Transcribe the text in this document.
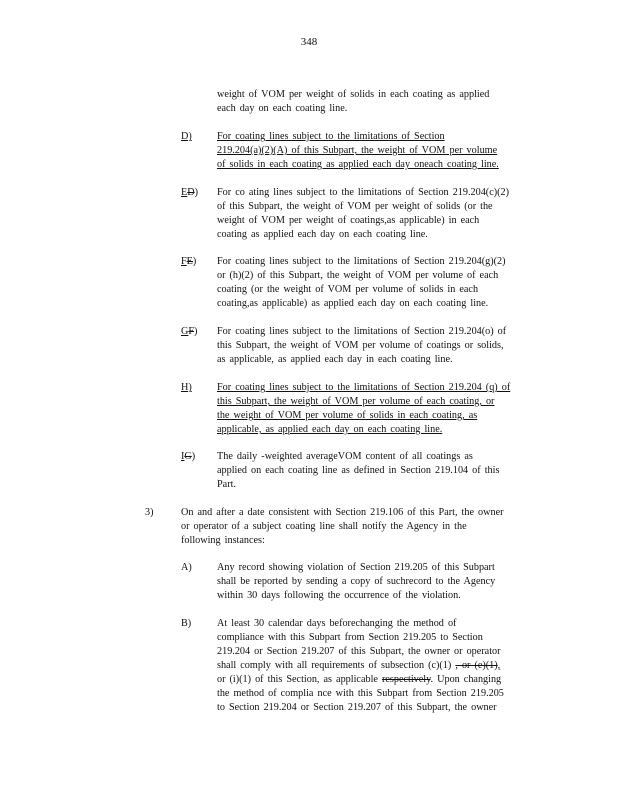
348
weight of VOM per weight of solids in each coating as applied
each day on each coating line.
D) For coating lines subject to the limitations of Section
219.204(a)(2)(A) of this Subpart, the weight of VOM per volume
of solids in each coating as applied each day oneach coating line.
ED) For co ating lines subject to the limitations of Section 219.204(c)(2)
of this Subpart, the weight of VOM per weight of solids (or the
weight of VOM per weight of coatings,as applicable) in each
coating as applied each day on each coating line.
FE) For coating lines subject to the limitations of Section 219.204(g)(2)
or (h)(2) of this Subpart, the weight of VOM per volume of each
coating (or the weight of VOM per volume of solids in each
coating,as applicable) as applied each day on each coating line.
GF) For coating lines subject to the limitations of Section 219.204(o) of
this Subpart, the weight of VOM per volume of coatings or solids,
as applicable, as applied each day in each coating line.
H) For coating lines subject to the limitations of Section 219.204 (q) of
this Subpart, the weight of VOM per volume of each coating, or
the weight of VOM per volume of solids in each coating, as
applicable, as applied each day on each coating line.
IG) The daily -weighted averageVOM content of all coatings as
applied on each coating line as defined in Section 219.104 of this
Part.
3)	On and after a date consistent with Section 219.106 of this Part, the owner
or operator of a subject coating line shall notify the Agency in the
following instances:
A) Any record showing violation of Section 219.205 of this Subpart
shall be reported by sending a copy of suchrecord to the Agency
within 30 days following the occurrence of the violation.
B)	At least 30 calendar days beforechanging the method of
compliance with this Subpart from Section 219.205 to Section
219.204 or Section 219.207 of this Subpart, the owner or operator
shall comply with all requirements of subsection (c)(1) , or (e)(1),
or (i)(1) of this Section, as applicable respectively. Upon changing
the method of complia nce with this Subpart from Section 219.205
to Section 219.204 or Section 219.207 of this Subpart, the owner
